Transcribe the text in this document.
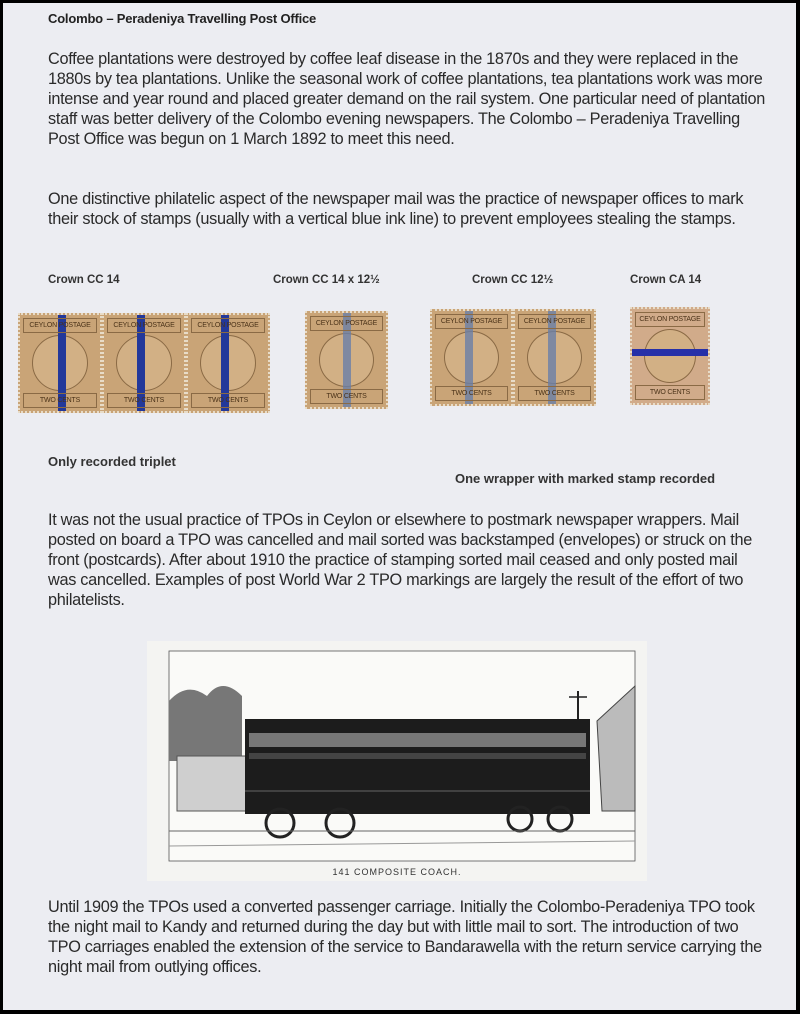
Colombo – Peradeniya Travelling Post Office
Coffee plantations were destroyed by coffee leaf disease in the 1870s and they were replaced in the 1880s by tea plantations. Unlike the seasonal work of coffee plantations, tea plantations work was more intense and year round and placed greater demand on the rail system. One particular need of plantation staff was better delivery of the Colombo evening newspapers. The Colombo – Peradeniya Travelling Post Office was begun on 1 March 1892 to meet this need.
One distinctive philatelic aspect of the newspaper mail was the practice of newspaper offices to mark their stock of stamps (usually with a vertical blue ink line) to prevent employees stealing the stamps.
Crown CC 14	Crown CC 14 x 12½	Crown CC 12½	Crown CA 14
CEYLON POSTAGE
TWO CENTS
CEYLON POSTAGE
TWO CENTS
CEYLON POSTAGE
TWO CENTS
CEYLON POSTAGE
TWO CENTS
CEYLON POSTAGE
TWO CENTS
CEYLON POSTAGE
TWO CENTS
CEYLON POSTAGE
TWO CENTS
Only recorded triplet
One wrapper with marked stamp recorded
It was not the usual practice of TPOs in Ceylon or elsewhere to postmark newspaper wrappers. Mail posted on board a TPO was cancelled and mail sorted was backstamped (envelopes) or struck on the front (postcards). After about 1910 the practice of stamping sorted mail ceased and only posted mail was cancelled. Examples of post World War 2 TPO markings are largely the result of the effort of two philatelists.
141 COMPOSITE COACH.
Until 1909 the TPOs used a converted passenger carriage. Initially the Colombo-Peradeniya TPO took the night mail to Kandy and returned during the day but with little mail to sort. The introduction of two TPO carriages enabled the extension of the service to Bandarawella with the return service carrying the night mail from outlying offices.
